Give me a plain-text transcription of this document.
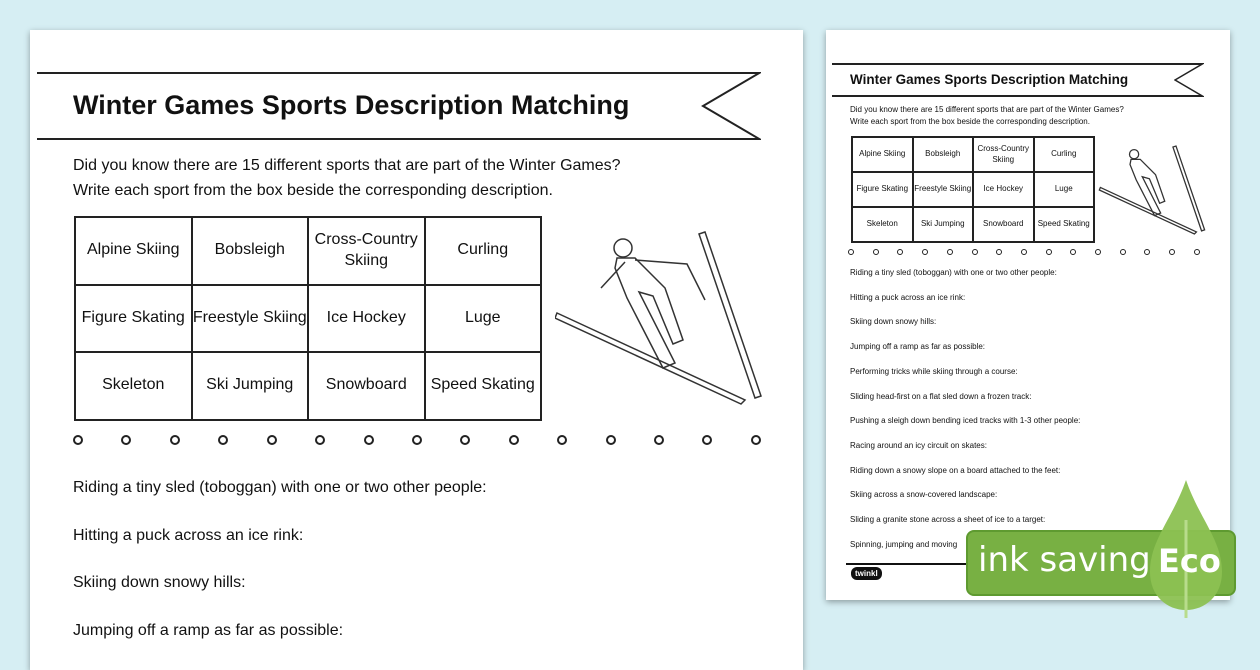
Winter Games Sports Description Matching
Did you know there are 15 different sports that are part of the Winter Games?
Write each sport from the box beside the corresponding description.
Alpine Skiing	Bobsleigh	Cross-Country Skiing	Curling
Figure Skating	Freestyle Skiing	Ice Hockey	Luge
Skeleton	Ski Jumping	Snowboard	Speed Skating
Riding a tiny sled (toboggan) with one or two other people:
Hitting a puck across an ice rink:
Skiing down snowy hills:
Jumping off a ramp as far as possible:
Winter Games Sports Description Matching
Did you know there are 15 different sports that are part of the Winter Games?
Write each sport from the box beside the corresponding description.
Alpine Skiing	Bobsleigh	Cross-Country Skiing	Curling
Figure Skating	Freestyle Skiing	Ice Hockey	Luge
Skeleton	Ski Jumping	Snowboard	Speed Skating
Riding a tiny sled (toboggan) with one or two other people:
Hitting a puck across an ice rink:
Skiing down snowy hills:
Jumping off a ramp as far as possible:
Performing tricks while skiing through a course:
Sliding head-first on a flat sled down a frozen track:
Pushing a sleigh down bending iced tracks with 1-3 other people:
Racing around an icy circuit on skates:
Riding down a snowy slope on a board attached to the feet:
Skiing across a snow-covered landscape:
Sliding a granite stone across a sheet of ice to a target:
Spinning, jumping and moving
twinkl	ink saving Eco
